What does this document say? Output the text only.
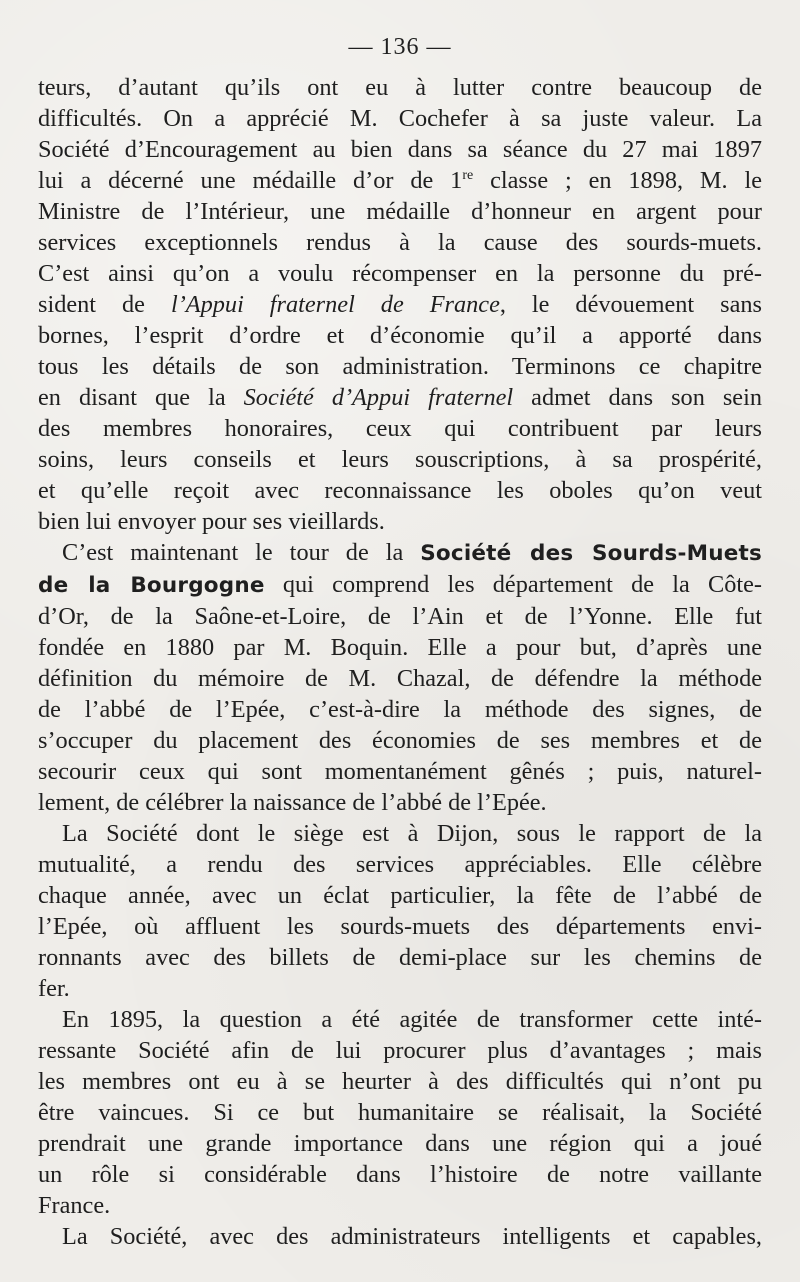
— 136 —
teurs, d’autant qu’ils ont eu à lutter contre beaucoup de
difficultés. On a apprécié M. Cochefer à sa juste valeur. La
Société d’Encouragement au bien dans sa séance du 27 mai 1897
lui a décerné une médaille d’or de 1re classe ; en 1898, M. le
Ministre de l’Intérieur, une médaille d’honneur en argent pour
services exceptionnels rendus à la cause des sourds-muets.
C’est ainsi qu’on a voulu récompenser en la personne du pré-
sident de l’Appui fraternel de France, le dévouement sans
bornes, l’esprit d’ordre et d’économie qu’il a apporté dans
tous les détails de son administration. Terminons ce chapitre
en disant que la Société d’Appui fraternel admet dans son sein
des membres honoraires, ceux qui contribuent par leurs
soins, leurs conseils et leurs souscriptions, à sa prospérité,
et qu’elle reçoit avec reconnaissance les oboles qu’on veut
bien lui envoyer pour ses vieillards.
C’est maintenant le tour de la Société des Sourds-Muets
de la Bourgogne qui comprend les département de la Côte-
d’Or, de la Saône-et-Loire, de l’Ain et de l’Yonne. Elle fut
fondée en 1880 par M. Boquin. Elle a pour but, d’après une
définition du mémoire de M. Chazal, de défendre la méthode
de l’abbé de l’Epée, c’est-à-dire la méthode des signes, de
s’occuper du placement des économies de ses membres et de
secourir ceux qui sont momentanément gênés ; puis, naturel-
lement, de célébrer la naissance de l’abbé de l’Epée.
La Société dont le siège est à Dijon, sous le rapport de la
mutualité, a rendu des services appréciables. Elle célèbre
chaque année, avec un éclat particulier, la fête de l’abbé de
l’Epée, où affluent les sourds-muets des départements envi-
ronnants avec des billets de demi-place sur les chemins de
fer.
En 1895, la question a été agitée de transformer cette inté-
ressante Société afin de lui procurer plus d’avantages ; mais
les membres ont eu à se heurter à des difficultés qui n’ont pu
être vaincues. Si ce but humanitaire se réalisait, la Société
prendrait une grande importance dans une région qui a joué
un rôle si considérable dans l’histoire de notre vaillante
France.
La Société, avec des administrateurs intelligents et capables,
